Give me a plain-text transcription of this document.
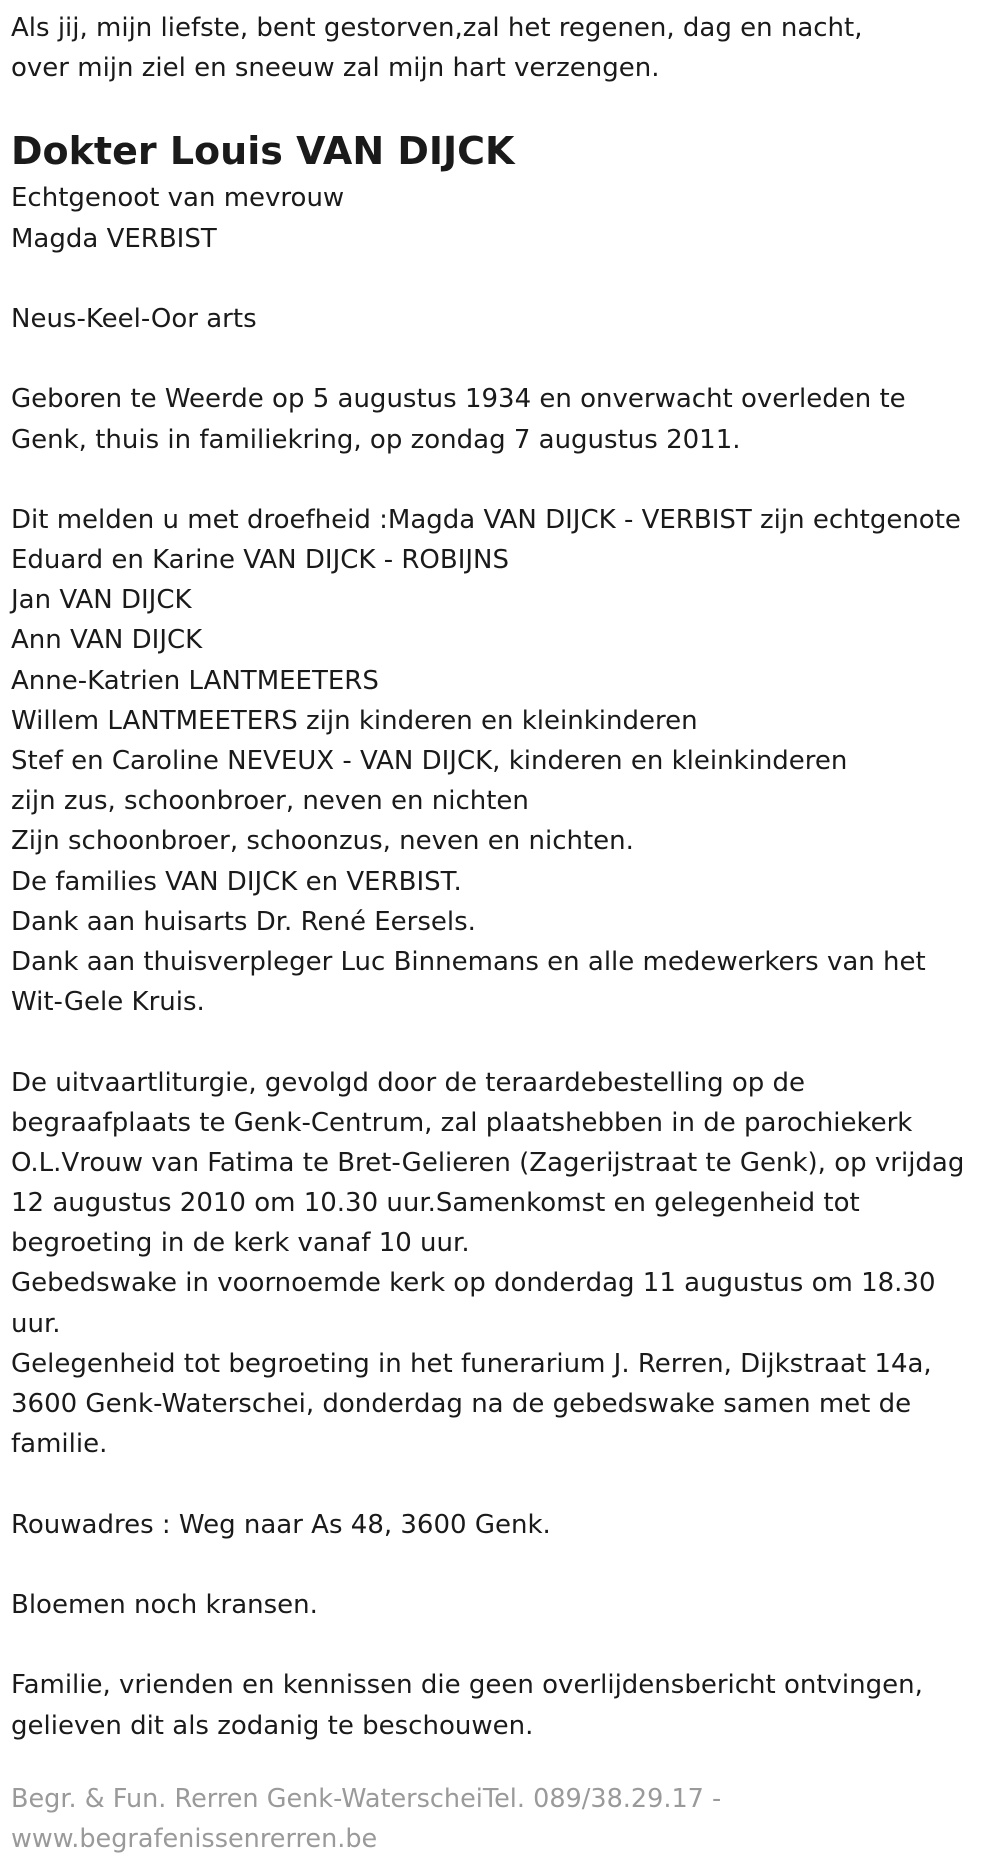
Als jij, mijn liefste, bent gestorven,zal het regenen, dag en nacht,
over mijn ziel en sneeuw zal mijn hart verzengen.
Dokter Louis VAN DIJCK
Echtgenoot van mevrouw
Magda VERBIST
Neus-Keel-Oor arts
Geboren te Weerde op 5 augustus 1934 en onverwacht overleden te
Genk, thuis in familiekring, op zondag 7 augustus 2011.
Dit melden u met droefheid :Magda VAN DIJCK - VERBIST zijn echtgenote
Eduard en Karine VAN DIJCK - ROBIJNS
Jan VAN DIJCK
Ann VAN DIJCK
Anne-Katrien LANTMEETERS
Willem LANTMEETERS zijn kinderen en kleinkinderen
Stef en Caroline NEVEUX - VAN DIJCK, kinderen en kleinkinderen
zijn zus, schoonbroer, neven en nichten
Zijn schoonbroer, schoonzus, neven en nichten.
De families VAN DIJCK en VERBIST.
Dank aan huisarts Dr. René Eersels.
Dank aan thuisverpleger Luc Binnemans en alle medewerkers van het
Wit-Gele Kruis.
De uitvaartliturgie, gevolgd door de teraardebestelling op de
begraafplaats te Genk-Centrum, zal plaatshebben in de parochiekerk
O.L.Vrouw van Fatima te Bret-Gelieren (Zagerijstraat te Genk), op vrijdag
12 augustus 2010 om 10.30 uur.Samenkomst en gelegenheid tot
begroeting in de kerk vanaf 10 uur.
Gebedswake in voornoemde kerk op donderdag 11 augustus om 18.30
uur.
Gelegenheid tot begroeting in het funerarium J. Rerren, Dijkstraat 14a,
3600 Genk-Waterschei, donderdag na de gebedswake samen met de
familie.
Rouwadres : Weg naar As 48, 3600 Genk.
Bloemen noch kransen.
Familie, vrienden en kennissen die geen overlijdensbericht ontvingen,
gelieven dit als zodanig te beschouwen.
Begr. & Fun. Rerren Genk-WaterscheiTel. 089/38.29.17 -
www.begrafenissenrerren.be
